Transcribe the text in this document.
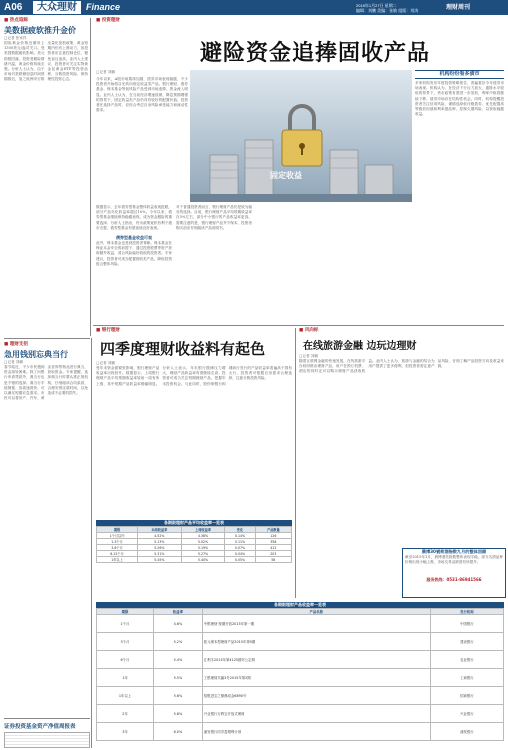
A06	大众理财	Finance	2015年1月27日 星期二
编辑：刘鹏 美编：张敏 组版：刘涛	理财周刊
■ 热点追踪
美数据疲软推升金价
□记者 张家祥
国际黄金价格近期冲上1300美元/盎司关口。受美国数据疲软影响，美元指数回落，投资者避险情绪升温，黄金价格持续走强。分析人士认为，由于市场对美联储加息时间预期推迟，加之欧洲央行推出量化宽松政策，黄金短期内仍有上涨动力，但投资者应注意控制仓位，避免盲目追高。业内人士建议，投资者可关注实物黄金及黄金ETF等投资品种，分散投资风险，保持理性投资心态。
■ 理财支招
急用钱别忘典当行
□记者 刘鹏
春节临近，不少市民遇到资金周转困难。除了向银行申请贷款外，典当行也是不错的选择。典当行手续简便、放款速度快，可以满足短期应急需求。市民可以将房产、汽车、黄金首饰等物品进行典当，获取资金。专家提醒，选择典当行时要认准正规机构，仔细阅读合同条款，合理安排还款时间，以免造成不必要的损失。
证券投资基金资产净值周报表
■ 投资理财
避险资金追捧固收产品
□记者 刘鹏
今年以来，A股市场震荡加剧，债券市场表现稳健，不少投资者开始将目光转向固定收益类产品。银行理财、债券基金、保本基金等低风险产品受到市场追捧，资金流入明显。业内人士认为，在当前经济增速放缓、降息预期增强的背景下，固定收益类产品仍具有较好的配置价值。投资者在选择产品时，应综合考虑自身风险承受能力和流动性需求。
固定收益
机构纷纷看多债市
多家机构发布年度投资策略报告，普遍看好今年债券市场表现。机构认为，在经济下行压力加大、通胀水平较低的背景下，货币政策有望进一步放松，利率中枢将继续下移，债券市场存在结构性机会。同时，机构提醒投资者关注信用风险，谨慎选择低评级债券，优先配置高等级信用债和利率债品种，控制久期风险，以获取稳健收益。
数据显示，去年债券型基金整体收益表现抢眼，部分产品年化收益率超过10%。今年以来，债券型基金继续保持稳健表现，成为资金避险的重要选择。分析人士指出，货币政策宽松有利于债市走强，债券型基金有望延续良好表现。
债券型基金收益可观
此外，保本基金也受到投资者青睐。保本基金在保证本金安全的前提下，通过投资股票等资产获取额外收益，适合风险偏好较低的投资者。专家建议，投资者可适当配置固收类产品，降低投资组合整体风险。
对于普通投资者而言，银行理财产品仍是较为稳妥的选择。目前，银行理财产品平均预期收益率在5%左右，部分中小银行的产品收益率更高。需要注意的是，银行理财产品并不保本，投资者购买前应仔细阅读产品说明书。
■ 银行理财
四季度理财收益料有起色
□记者 刘鹏
受年末资金面紧张影响，银行理财产品收益率出现回升。数据显示，上周银行理财产品平均预期收益率较前一周有所上涨，其中短期产品收益率涨幅明显。分析人士表示，年末银行揽储压力增大，理财产品收益率有望继续走高，投资者可适当关注短期理财产品，把握年末投资机会。与此同时，股份制银行和城商行发行的产品收益率普遍高于国有大行，投资者可根据自身需求合理选择，注意分散投资风险。
各期限理财产品平均收益率一览表
期限	本周收益率	上周收益率	变化	产品数量
1个月以内	4.52%	4.38%	0.14%	126
1-3个月	5.13%	5.02%	0.11%	358
3-6个月	5.26%	5.19%	0.07%	412
6-12个月	5.31%	5.27%	0.04%	203
1年以上	5.45%	5.40%	0.05%	58
■ 风向标
在线旅游金融 边玩边理财
□记者 刘鹏
随着互联网金融的快速发展，在线旅游平台纷纷推出理财产品，用户在预订机票、酒店的同时还可以购买理财产品获取收益。业内人士认为，旅游与金融的结合为用户提供了更多便利，但投资者需注意产品风险，仔细了解产品投资方向及收益来源。
晨博30號荷酒指数九月的整体回顾
截至2015年1月，晨博酒类指数整体表现平稳，部分名酒品种价格出现小幅上涨，市场交易活跃度有所提升。
服务热线：0531-86941566
各期限理财产品收益率一览表
期限	收益率	产品名称	发行机构
1个月	4.6%	中银理财·按期开放2015年第一期	中国银行
3个月	5.2%	乾元保本型理财产品2015年第5期	建设银行
6个月	5.4%	汇利丰2015年第4125期对公定制	农业银行
1年	5.5%	工银理财共赢3号2015年第2期	工商银行
1年以上	5.6%	招银进宝之鼎鼎成金6890号	招商银行
2年	5.8%	兴业银行万利宝开放式理财	兴业银行
3年	6.0%	浦发银行同享盈增利计划	浦发银行
